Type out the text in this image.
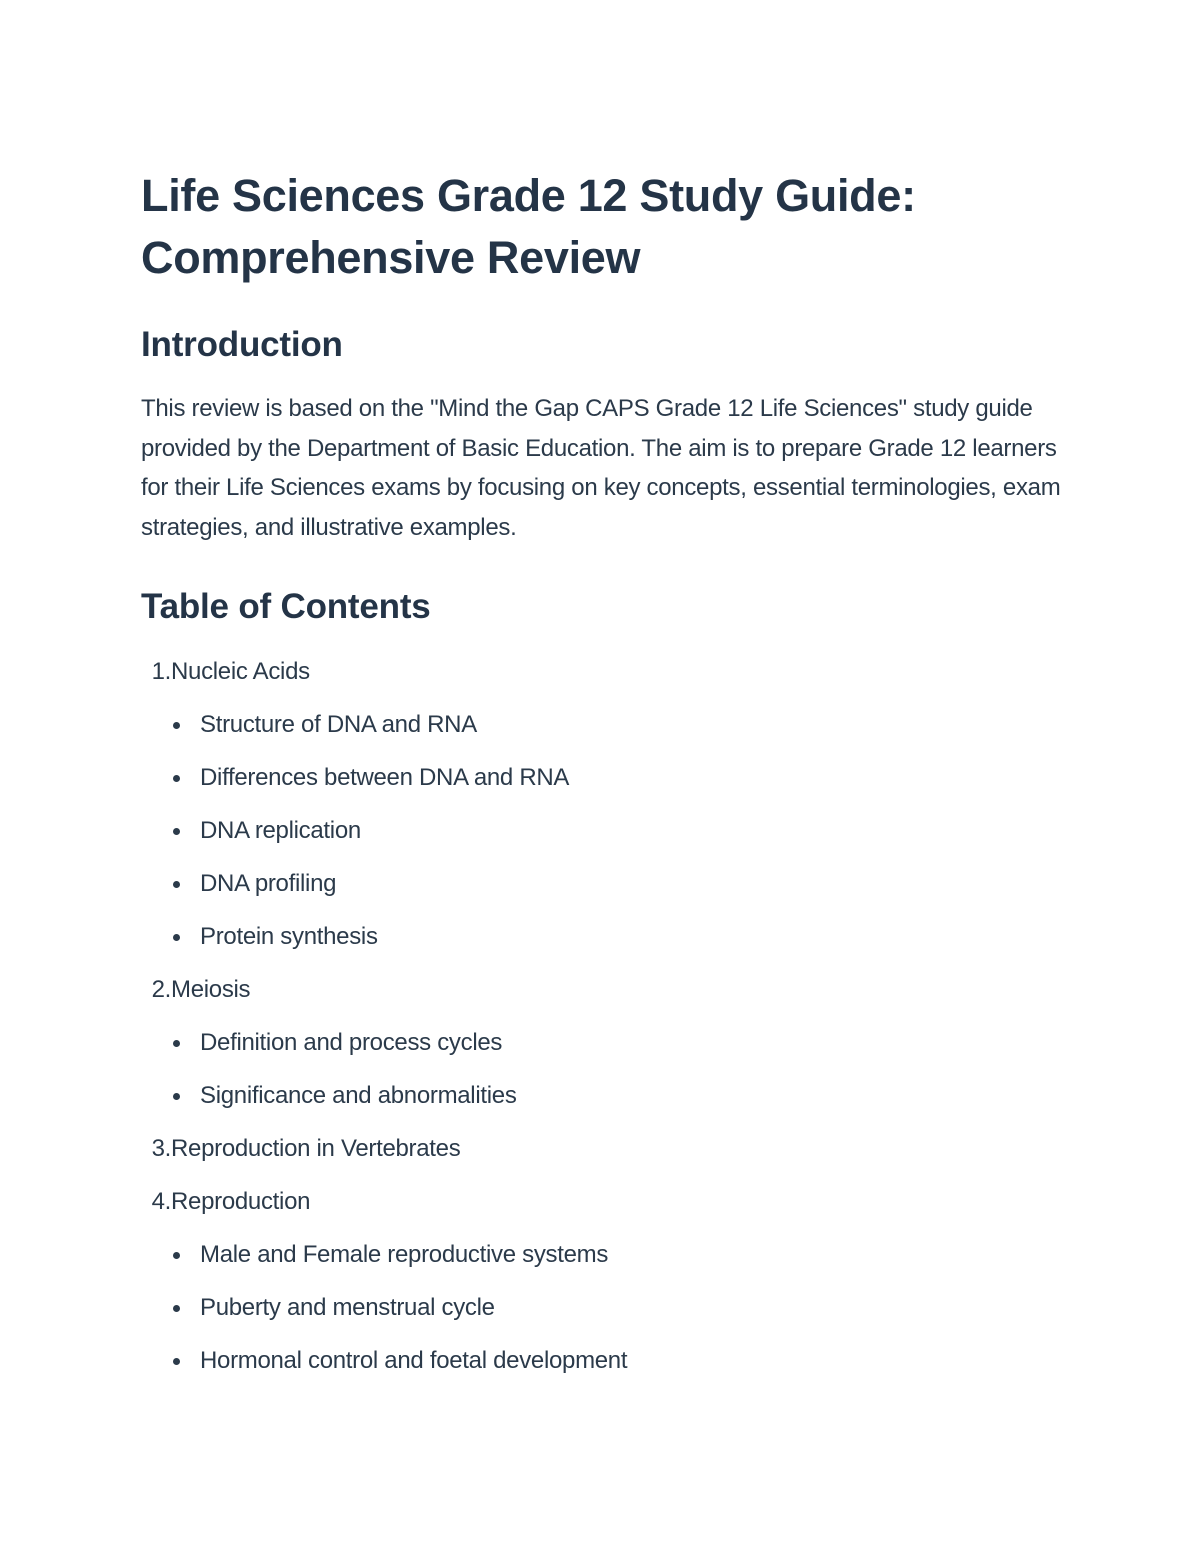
Life Sciences Grade 12 Study Guide: Comprehensive Review
Introduction

This review is based on the "Mind the Gap CAPS Grade 12 Life Sciences" study guide provided by the Department of Basic Education. The aim is to prepare Grade 12 learners for their Life Sciences exams by focusing on key concepts, essential terminologies, exam strategies, and illustrative examples.

Table of Contents
1. Nucleic Acids
Structure of DNA and RNA
Differences between DNA and RNA
DNA replication
DNA profiling
Protein synthesis
2. Meiosis
Definition and process cycles
Significance and abnormalities
3. Reproduction in Vertebrates
4. Reproduction
Male and Female reproductive systems
Puberty and menstrual cycle
Hormonal control and foetal development
